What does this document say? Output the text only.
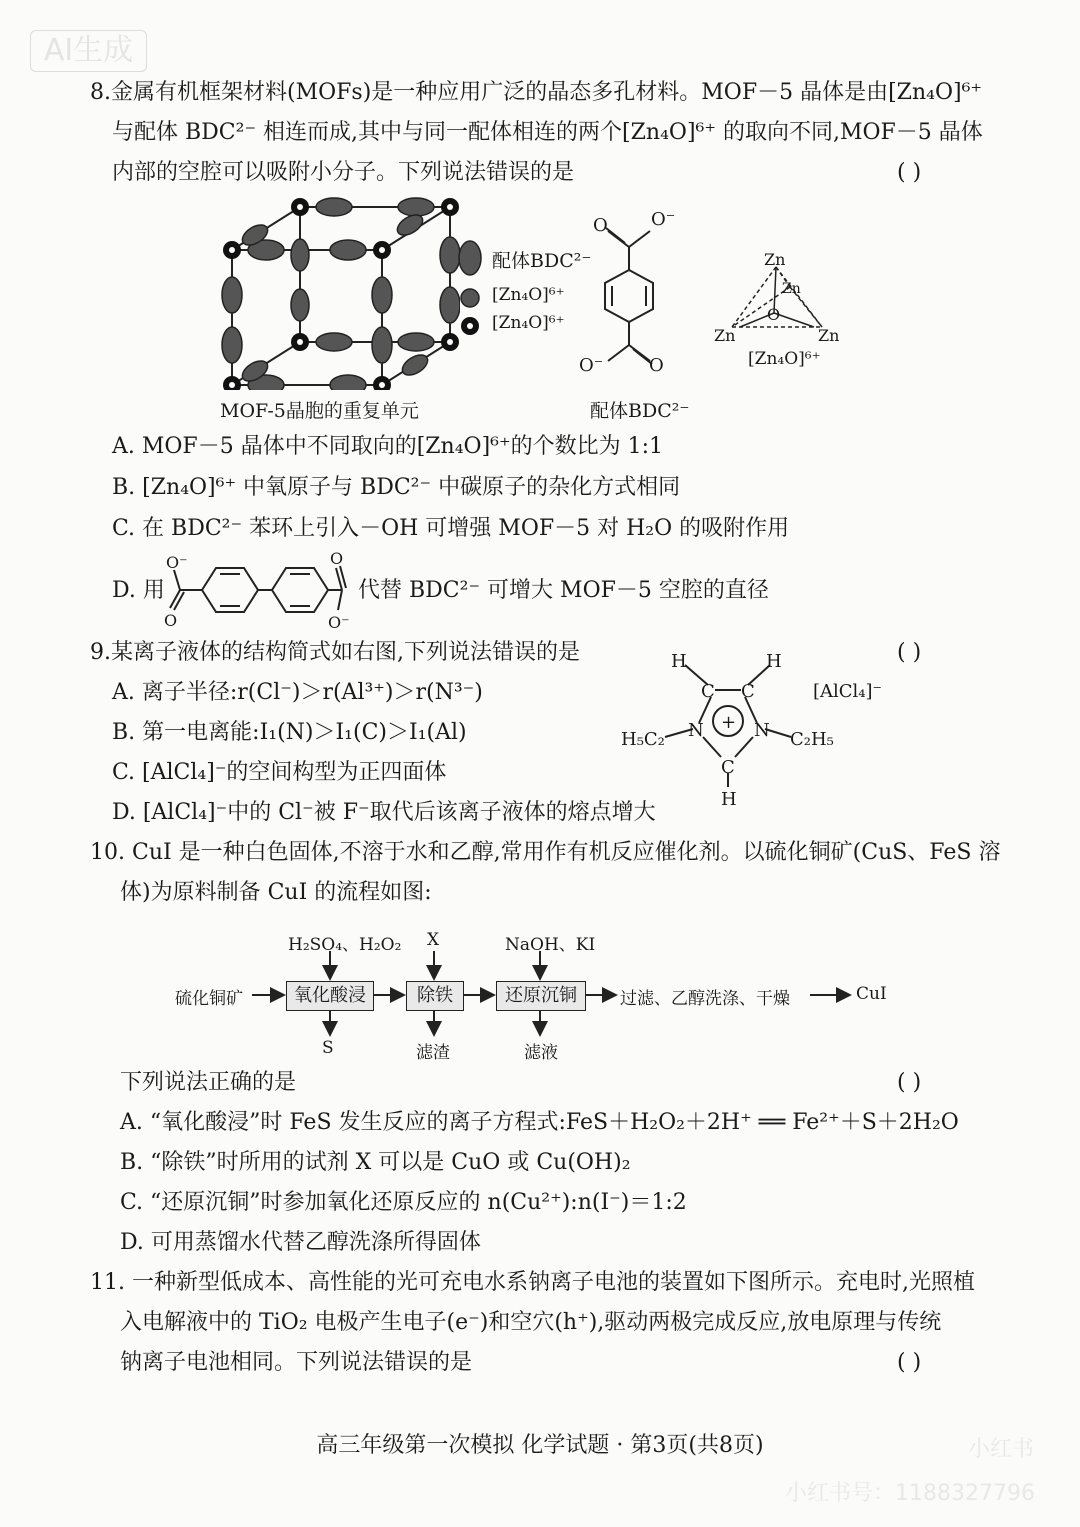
AI生成
8.金属有机框架材料(MOFs)是一种应用广泛的晶态多孔材料。MOF－5 晶体是由[Zn₄O]⁶⁺
与配体 BDC²⁻ 相连而成,其中与同一配体相连的两个[Zn₄O]⁶⁺ 的取向不同,MOF－5 晶体
内部的空腔可以吸附小分子。下列说法错误的是	( )
配体BDC²⁻
[Zn₄O]⁶⁺
[Zn₄O]⁶⁺
O O⁻
O⁻	O
Zn
Zn
O
Zn	Zn
[Zn₄O]⁶⁺
MOF-5晶胞的重复单元	配体BDC²⁻
A. MOF－5 晶体中不同取向的[Zn₄O]⁶⁺的个数比为 1:1
B. [Zn₄O]⁶⁺ 中氧原子与 BDC²⁻ 中碳原子的杂化方式相同
C. 在 BDC²⁻ 苯环上引入－OH 可增强 MOF－5 对 H₂O 的吸附作用
D. 用
O⁻
O
O
O⁻
代替 BDC²⁻ 可增大 MOF－5 空腔的直径
9.某离子液体的结构简式如右图,下列说法错误的是	( )
A. 离子半径:r(Cl⁻)＞r(Al³⁺)＞r(N³⁻)
B. 第一电离能:I₁(N)＞I₁(C)＞I₁(Al)
C. [AlCl₄]⁻的空间构型为正四面体
D. [AlCl₄]⁻中的 Cl⁻被 F⁻取代后该离子液体的熔点增大
H	H
C C
N	N
+
C
H
H₅C₂	C₂H₅
[AlCl₄]⁻
10. CuI 是一种白色固体,不溶于水和乙醇,常用作有机反应催化剂。以硫化铜矿(CuS、FeS 溶
体)为原料制备 CuI 的流程如图:
硫化铜矿	氧化酸浸	除铁	还原沉铜
H₂SO₄、H₂O₂ X	NaOH、KI
S	滤渣	滤液
过滤、乙醇洗涤、干燥	CuI
下列说法正确的是	( )
A. “氧化酸浸”时 FeS 发生反应的离子方程式:FeS＋H₂O₂＋2H⁺ ══ Fe²⁺＋S＋2H₂O
B. “除铁”时所用的试剂 X 可以是 CuO 或 Cu(OH)₂
C. “还原沉铜”时参加氧化还原反应的 n(Cu²⁺):n(I⁻)＝1:2
D. 可用蒸馏水代替乙醇洗涤所得固体
11. 一种新型低成本、高性能的光可充电水系钠离子电池的装置如下图所示。充电时,光照植
入电解液中的 TiO₂ 电极产生电子(e⁻)和空穴(h⁺),驱动两极完成反应,放电原理与传统
钠离子电池相同。下列说法错误的是	( )
高三年级第一次模拟 化学试题 · 第3页(共8页)	小红书
小红书号：1188327796
